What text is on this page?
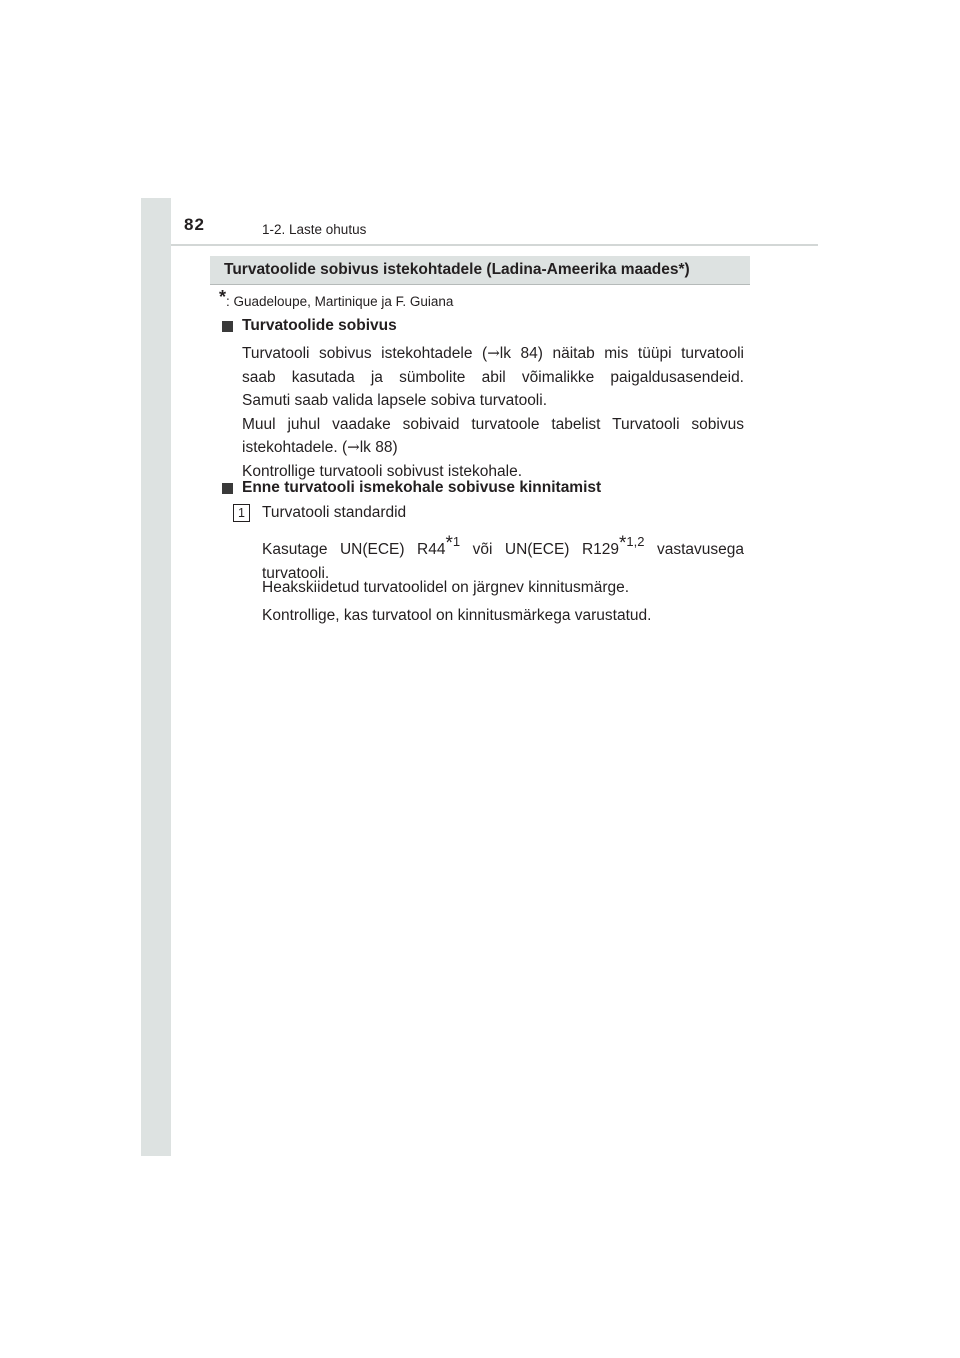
82	1-2. Laste ohutus
Turvatoolide sobivus istekohtadele (Ladina-Ameerika maades*)
*: Guadeloupe, Martinique ja F. Guiana
Turvatoolide sobivus
Turvatooli sobivus istekohtadele (→lk 84) näitab mis tüüpi turvatooli
saab kasutada ja sümbolite abil võimalikke paigaldusasendeid.
Samuti saab valida lapsele sobiva turvatooli.
Muul juhul vaadake sobivaid turvatoole tabelist Turvatooli sobivus
istekohtadele. (→lk 88)
Kontrollige turvatooli sobivust istekohale.
Enne turvatooli ismekohale sobivuse kinnitamist
1	Turvatooli standardid
Kasutage UN(ECE) R44$^{*1}$ või UN(ECE) R129$^{*1,2}$ vastavusega
turvatooli.
Heakskiidetud turvatoolidel on järgnev kinnitusmärge.
Kontrollige, kas turvatool on kinnitusmärkega varustatud.
